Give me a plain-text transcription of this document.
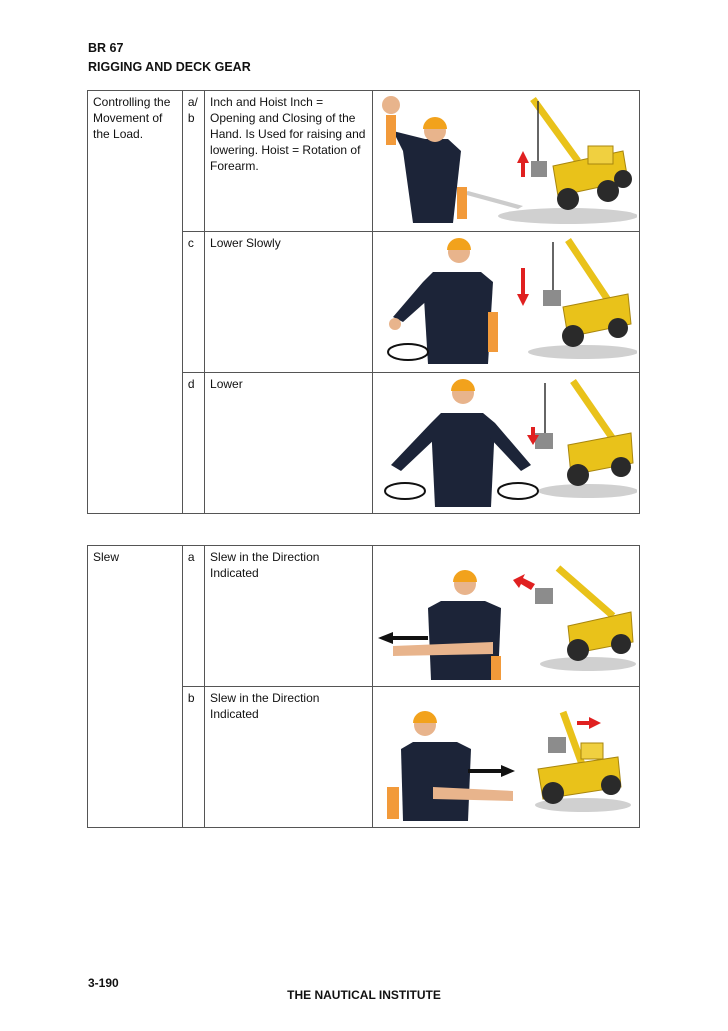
BR 67
RIGGING AND DECK GEAR
Controlling the Movement of the Load.	a/ b	Inch and Hoist Inch = Opening and Closing of the Hand. Is Used for raising and lowering. Hoist = Rotation of Forearm.	

	c	Lower Slowly	

	d	Lower	
Slew	a	Slew in the Direction Indicated	

	b	Slew in the Direction Indicated	
3-190
THE NAUTICAL INSTITUTE
